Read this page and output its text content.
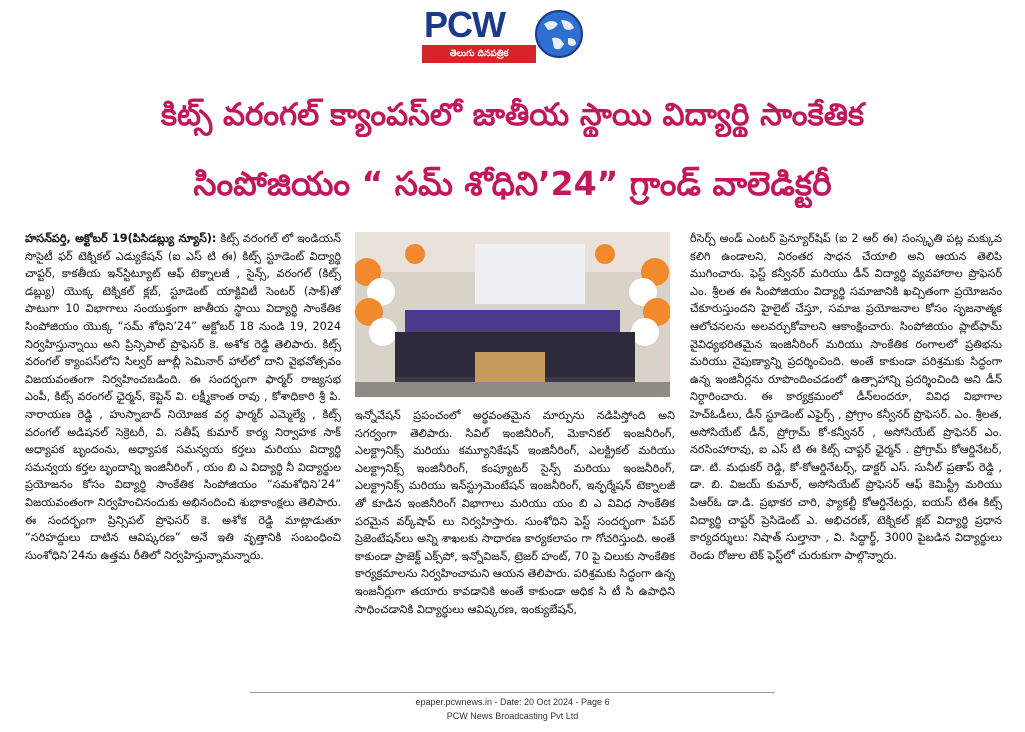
PCW
తెలుగు దినపత్రిక
కిట్స్ వరంగల్ క్యాంపస్‌లో జాతీయ స్థాయి విద్యార్థి సాంకేతిక
సింపోజియం “ సమ్ శోధిని’24” గ్రాండ్ వాలెడిక్టరీ
హసన్‌పర్తి, అక్టోబర్ 19(పిసిడబ్ల్యు న్యూస్): కిట్స్ వరంగల్ లో ఇండియన్ సొసైటీ ఫర్ టెక్నికల్ ఎడ్యుకేషన్ (ఐ ఎస్ టి ఈ) కిట్స్ స్టూడెంట్ విద్యార్థి చాప్టర్, కాకతీయ ఇన్‌స్టిట్యూట్ ఆఫ్ టెక్నాలజీ , సైన్స్, వరంగల్ (కిట్స్ డబ్ల్యు) యొక్క టెక్నికల్ క్లబ్, స్టూడెంట్ యాక్టివిటీ సెంటర్ (సాక్)తో పాటుగా 10 విభాగాలు సంయుక్తంగా జాతీయ స్థాయి విద్యార్థి సాంకేతిక సింపోజియం యొక్క “సమ్ శోధిని’24” అక్టోబర్ 18 నుండి 19, 2024 నిర్వహిస్తున్నాయి అని ప్రిన్సిపాల్ ప్రొఫెసర్ కె. అశోక రెడ్డి తెలిపారు. కిట్స్ వరంగల్ క్యాంపస్‌లోని సిల్వర్ జూబ్లీ సెమినార్ హాల్‌లో దాని వైభవోత్సవం విజయవంతంగా నిర్వహించబడింది. ఈ సందర్భంగా ఫార్మర్ రాజ్యసభ ఎంపీ, కిట్స్ వరంగల్ ఛైర్మన్, కెప్టెన్ వి. లక్ష్మీకాంత రావు , కోశాధికారి శ్రీ పి. నారాయణ రెడ్డి , హుస్నాబాద్ నియోజక వర్గ ఫార్మర్ ఎమ్మెల్యే , కిట్స్ వరంగల్ అడిషనల్ సెక్రెటరీ, వి. సతీష్ కుమార్ కార్య నిర్వాహక సాక్ అధ్యాపక బృందంను, అధ్యాపక సమన్వయ కర్తలు మరియు విద్యార్థి సమన్వయ కర్తల బృందాన్ని ఇంజినీరింగ్ , యం బి ఎ విద్యార్థి నీ విద్యార్థుల ప్రయోజనం కోసం విద్యార్థి సాంకేతిక సింపోజియం “సమశోధిని’24” విజయవంతంగా నిర్వహించినందుకు అభినందించి శుభాకాంక్షలు తెలిపారు. ఈ సందర్భంగా ప్రిన్సిపల్ ప్రొఫెసర్ కె. అశోక రెడ్డి మాట్లాడుతూ “సరిహద్దులు దాటిన ఆవిష్కరణ” అనే ఇతి వృత్తానికి సంబంధించి సుంశోధిని’24ను ఉత్తమ రీతిలో నిర్వహిస్తున్నామన్నారు.
ఇన్నోవేషన్ ప్రపంచంలో అర్థవంతమైన మార్పును నడిపిస్తోంది అని సగర్వంగా తెలిపారు. సివిల్ ఇంజినీరింగ్, మెకానికల్ ఇంజనీరింగ్, ఎలక్ట్రానిక్స్ మరియు కమ్యూనికేషన్ ఇంజినీరింగ్, ఎలక్ట్రికల్ మరియు ఎలక్ట్రానిక్స్ ఇంజినీరింగ్, కంప్యూటర్ సైన్స్ మరియు ఇంజనీరింగ్, ఎలక్ట్రానిక్స్ మరియు ఇన్‌స్ట్రుమెంటేషన్ ఇంజనీరింగ్, ఇన్ఫర్మేషన్ టెక్నాలజీ తో కూడిన ఇంజినీరింగ్ విభాగాలు మరియు యం బి ఎ వివిధ సాంకేతిక పరమైన వర్క్‌షాప్ లు నిర్వహిస్తారు. సుంశోధిని ఫెస్ట్ సందర్భంగా పేపర్ ప్రెజెంటేషన్‌లు అన్ని శాఖలకు సాధారణ కార్యకలాపం గా గోచరిస్తుంది. అంతే కాకుండా ప్రాజెక్ట్ ఎక్స్‌పో, ఇన్నోవిజన్, ట్రెజర్ హంట్, 70 పై చిలుకు సాంకేతిక కార్యక్రమాలను నిర్వహించామని ఆయన తెలిపారు. పరిశ్రమకు సిద్ధంగా ఉన్న ఇంజనీర్లుగా తయారు కావడానికి అంతే కాకుండా అధిక సి టీ సి ఉపాధిని సాధించడానికి విద్యార్థులు ఆవిష్కరణ, ఇంక్యుబేషన్,
రీసెర్చ్ అండ్ ఎంటర్ ప్రెన్యూర్‌షిప్ (ఐ 2 ఆర్ ఈ) సంస్కృతి పట్ల మక్కువ కలిగి ఉండాలని, నిరంతర సాధన చేయాలి అని ఆయన తెలిపి ముగించారు. ఫెస్ట్ కన్వీనర్ మరియు డీన్ విద్యార్థి వ్యవహారాల ప్రొఫెసర్ ఎం. శ్రీలత ఈ సింపోజియం విద్యార్థి సమాజానికి ఖచ్చితంగా ప్రయోజనం చేకూరుస్తుందని హైలైట్ చేస్తూ, సమాజ ప్రయోజనాల కోసం సృజనాత్మక ఆలోచనలను అలవర్చుకోవాలని ఆకాంక్షించారు. సింపోజియం ప్లాట్‌ఫామ్ వైవిధ్యభరితమైన ఇంజినీరింగ్ మరియు సాంకేతిక రంగాలలో ప్రతిభను మరియు నైపుణ్యాన్ని ప్రదర్శించింది. అంతే కాకుండా పరిశ్రమకు సిద్ధంగా ఉన్న ఇంజినీర్లను రూపొందించడంలో ఉత్సాహాన్ని ప్రదర్శించింది అని డీన్ నిర్ధారించారు. ఈ కార్యక్రమంలో డీన్‌లందరూ, వివిధ విభాగాల హెచ్ఓడీలు, డీన్ స్టూడెంట్ ఎఫైర్స్ , ప్రోగ్రాం కన్వీనర్ ప్రొఫెసర్. ఎం. శ్రీలత, అసోసియేట్ డీన్, ప్రోగ్రామ్ కో-కన్వీనర్ , అసోసియేట్ ప్రొఫెసర్ ఎం. నరసింహారావు, ఐ ఎస్ టి ఈ కిట్స్ చాప్టర్ ఛైర్మన్ . ప్రోగ్రామ్ కోఆర్డినేటర్, డా. టి. మధుకర్ రెడ్డి, కో-కోఆర్డినేటర్స్, డాక్టర్ ఎస్. సునీల్ ప్రతాప్ రెడ్డి , డా. బి. విజయ్ కుమార్, అసోసియేట్ ప్రొఫెసర్ ఆఫ్ కెమిస్ట్రీ మరియు పిఆర్ఓ డా.డి. ప్రభాకర చారి, ఫ్యాకల్టీ కోఆర్డినేటర్లు, ఐయస్ టిఈ కిట్స్ విద్యార్థి చాప్టర్ ప్రెసిడెంట్ ఎ. అభిచరణ్, టెక్నికల్ క్లబ్ విద్యార్థి ప్రధాన కార్యదర్శులు: నిషాత్ సుల్తానా , వి. సిద్ధార్థ్, 3000 పైబడిన విద్యార్థులు రెండు రోజుల టెక్ ఫెస్ట్‌లో చురుకుగా పాల్గొన్నారు.
epaper.pcwnews.in - Date: 20 Oct 2024 - Page 6
PCW News Broadcasting Pvt Ltd
